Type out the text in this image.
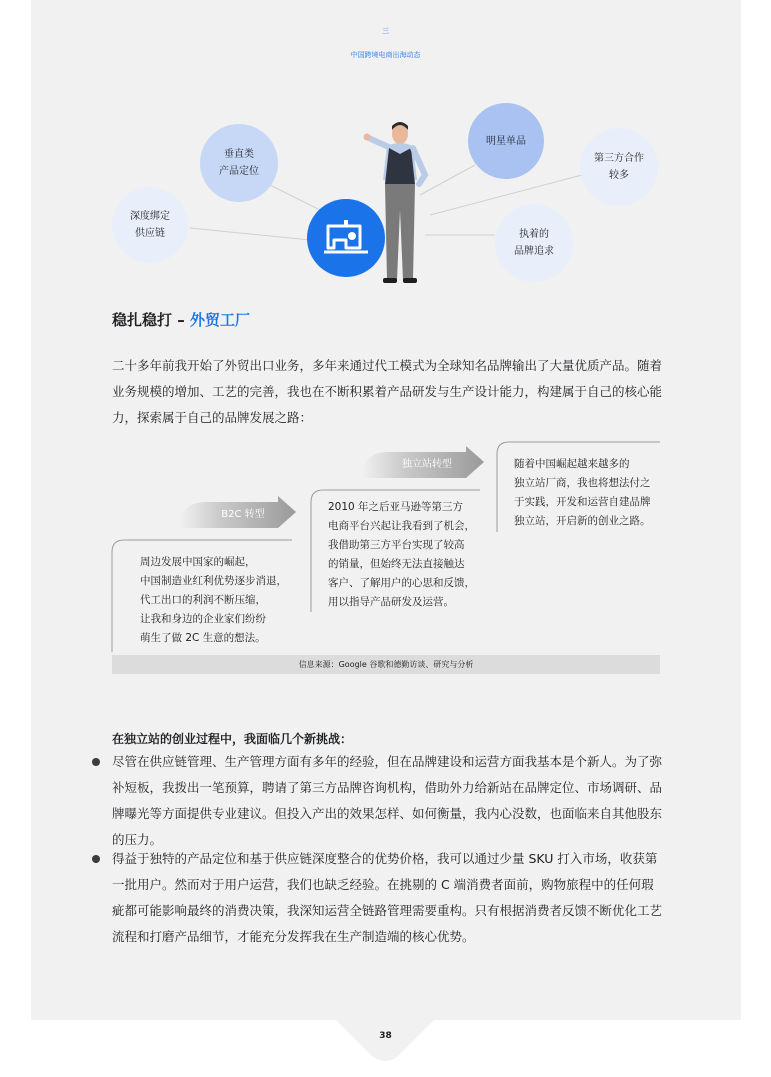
三
中国跨境电商出海动态
垂直类
产品定位
深度绑定
供应链
明星单品
第三方合作
较多
执着的
品牌追求
稳扎稳打 – 外贸工厂
二十多年前我开始了外贸出口业务，多年来通过代工模式为全球知名品牌输出了大量优质产品。随着业务规模的增加、工艺的完善，我也在不断积累着产品研发与生产设计能力，构建属于自己的核心能力，探索属于自己的品牌发展之路：
B2C 转型
独立站转型
周边发展中国家的崛起，
中国制造业红利优势逐步消退，
代工出口的利润不断压缩，
让我和身边的企业家们纷纷
萌生了做 2C 生意的想法。
2010 年之后亚马逊等第三方
电商平台兴起让我看到了机会，
我借助第三方平台实现了较高
的销量，但始终无法直接触达
客户、了解用户的心思和反馈，
用以指导产品研发及运营。
随着中国崛起越来越多的
独立站厂商，我也将想法付之
于实践，开发和运营自建品牌
独立站，开启新的创业之路。
信息来源：Google 谷歌和德勤访谈、研究与分析
在独立站的创业过程中，我面临几个新挑战：
尽管在供应链管理、生产管理方面有多年的经验，但在品牌建设和运营方面我基本是个新人。为了弥补短板，我拨出一笔预算，聘请了第三方品牌咨询机构，借助外力给新站在品牌定位、市场调研、品牌曝光等方面提供专业建议。但投入产出的效果怎样、如何衡量，我内心没数，也面临来自其他股东的压力。
得益于独特的产品定位和基于供应链深度整合的优势价格，我可以通过少量 SKU 打入市场，收获第一批用户。然而对于用户运营，我们也缺乏经验。在挑剔的 C 端消费者面前，购物旅程中的任何瑕疵都可能影响最终的消费决策，我深知运营全链路管理需要重构。只有根据消费者反馈不断优化工艺流程和打磨产品细节，才能充分发挥我在生产制造端的核心优势。
38
